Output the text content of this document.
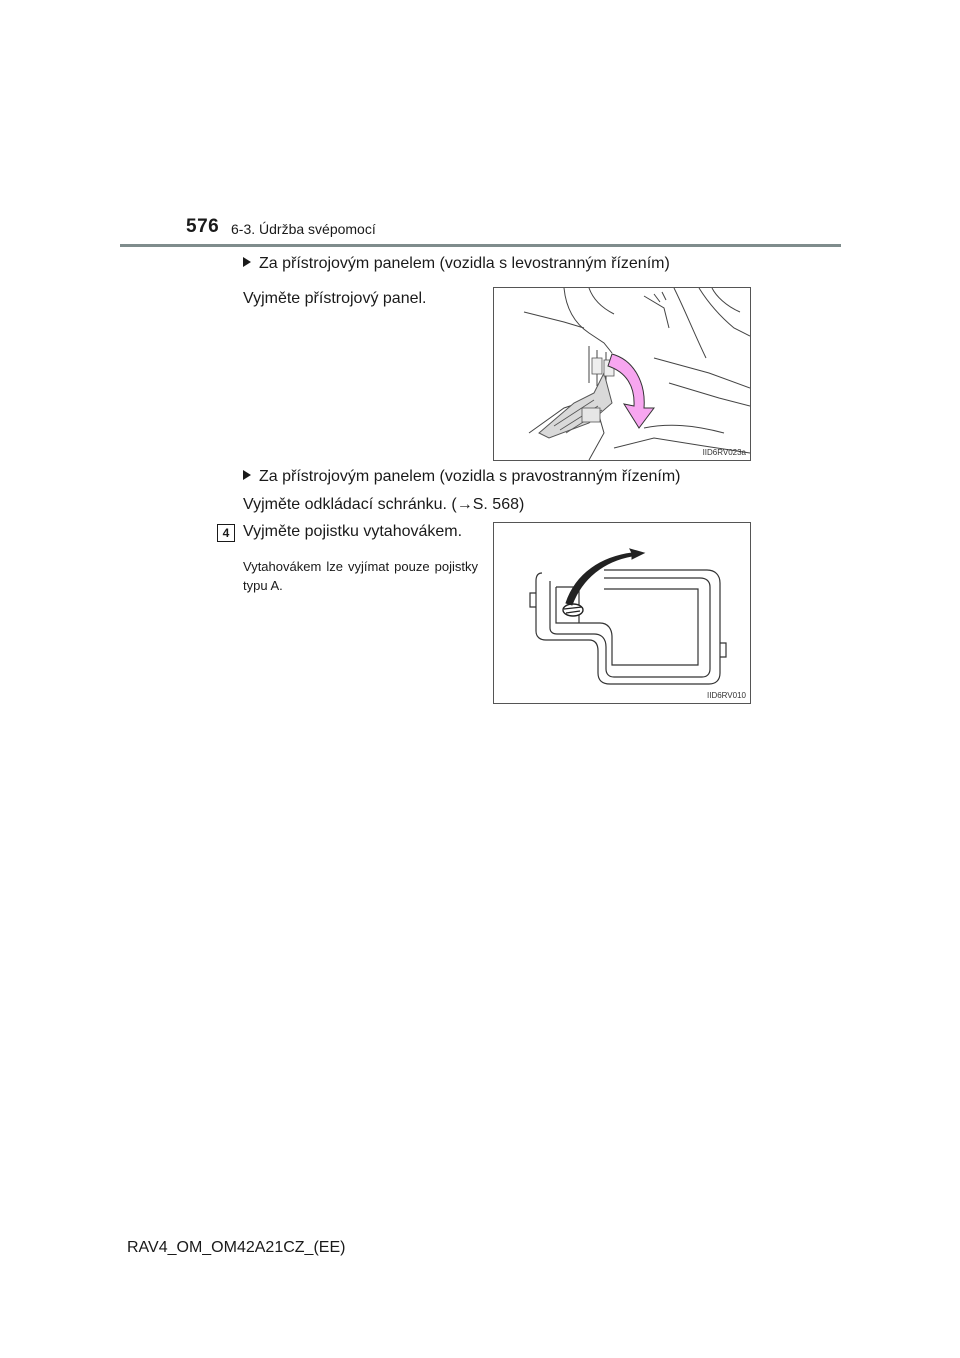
576 6-3. Údržba svépomocí
Za přístrojovým panelem (vozidla s levostranným řízením)
Vyjměte přístrojový panel.
IID6RV023a
Za přístrojovým panelem (vozidla s pravostranným řízením)
Vyjměte odkládací schránku. (→S. 568)
4 Vyjměte pojistku vytahovákem.
Vytahovákem lze vyjímat pouze pojistky typu A.
IID6RV010
RAV4_OM_OM42A21CZ_(EE)
